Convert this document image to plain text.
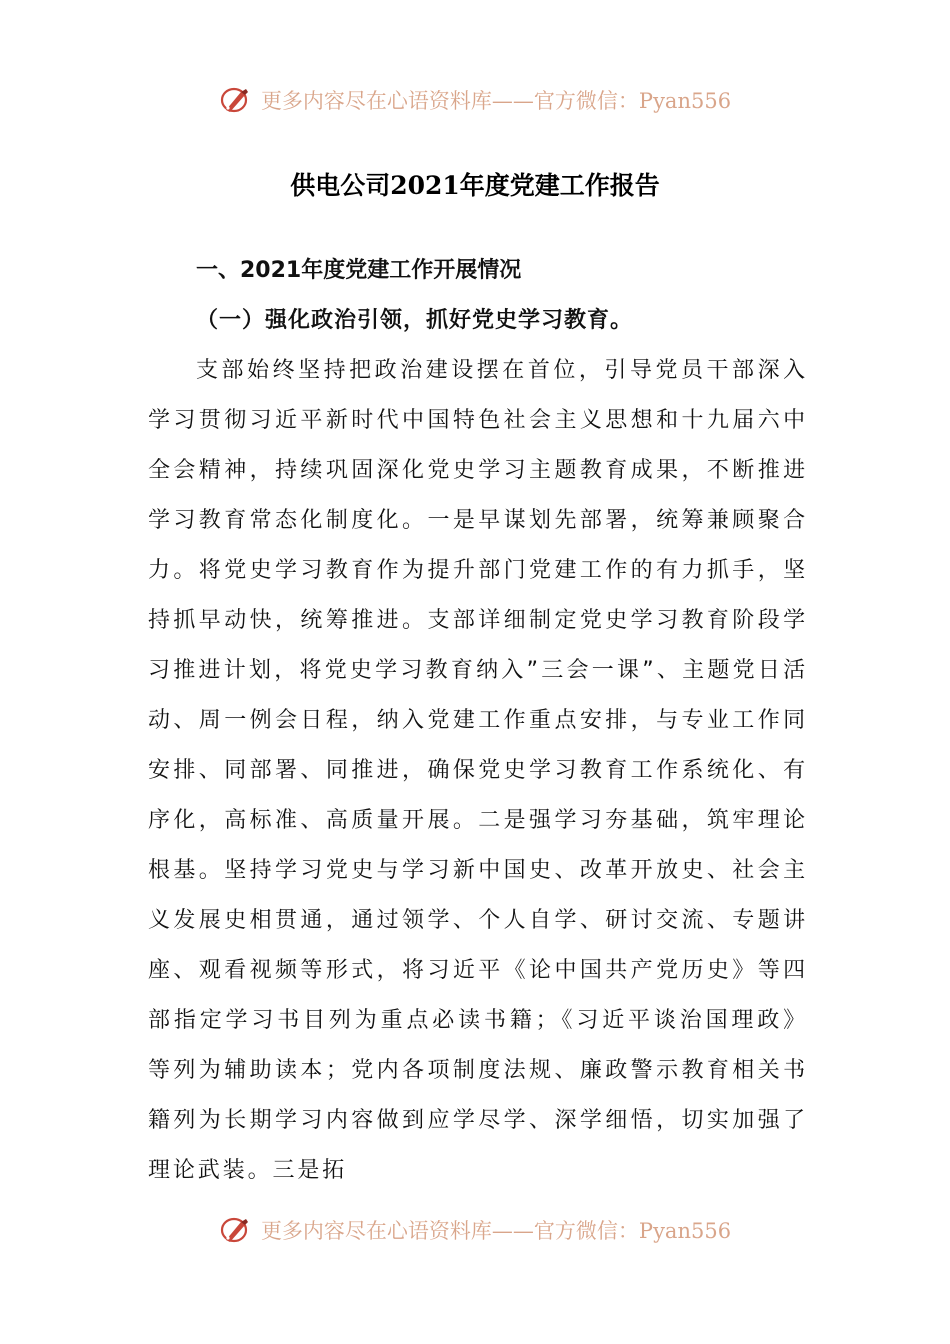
更多内容尽在心语资料库——官方微信：Pyan556
供电公司2021年度党建工作报告
一、2021年度党建工作开展情况
（一）强化政治引领，抓好党史学习教育。

支部始终坚持把政治建设摆在首位，引导党员干部深入学习贯彻习近平新时代中国特色社会主义思想和十九届六中全会精神，持续巩固深化党史学习主题教育成果，不断推进学习教育常态化制度化。一是早谋划先部署，统筹兼顾聚合力。将党史学习教育作为提升部门党建工作的有力抓手，坚持抓早动快，统筹推进。支部详细制定党史学习教育阶段学习推进计划，将党史学习教育纳入”三会一课”、主题党日活动、周一例会日程，纳入党建工作重点安排，与专业工作同安排、同部署、同推进，确保党史学习教育工作系统化、有序化，高标准、高质量开展。二是强学习夯基础，筑牢理论根基。坚持学习党史与学习新中国史、改革开放史、社会主义发展史相贯通，通过领学、个人自学、研讨交流、专题讲座、观看视频等形式，将习近平《论中国共产党历史》等四部指定学习书目列为重点必读书籍；《习近平谈治国理政》等列为辅助读本；党内各项制度法规、廉政警示教育相关书籍列为长期学习内容做到应学尽学、深学细悟，切实加强了理论武装。三是拓

更多内容尽在心语资料库——官方微信：Pyan556
